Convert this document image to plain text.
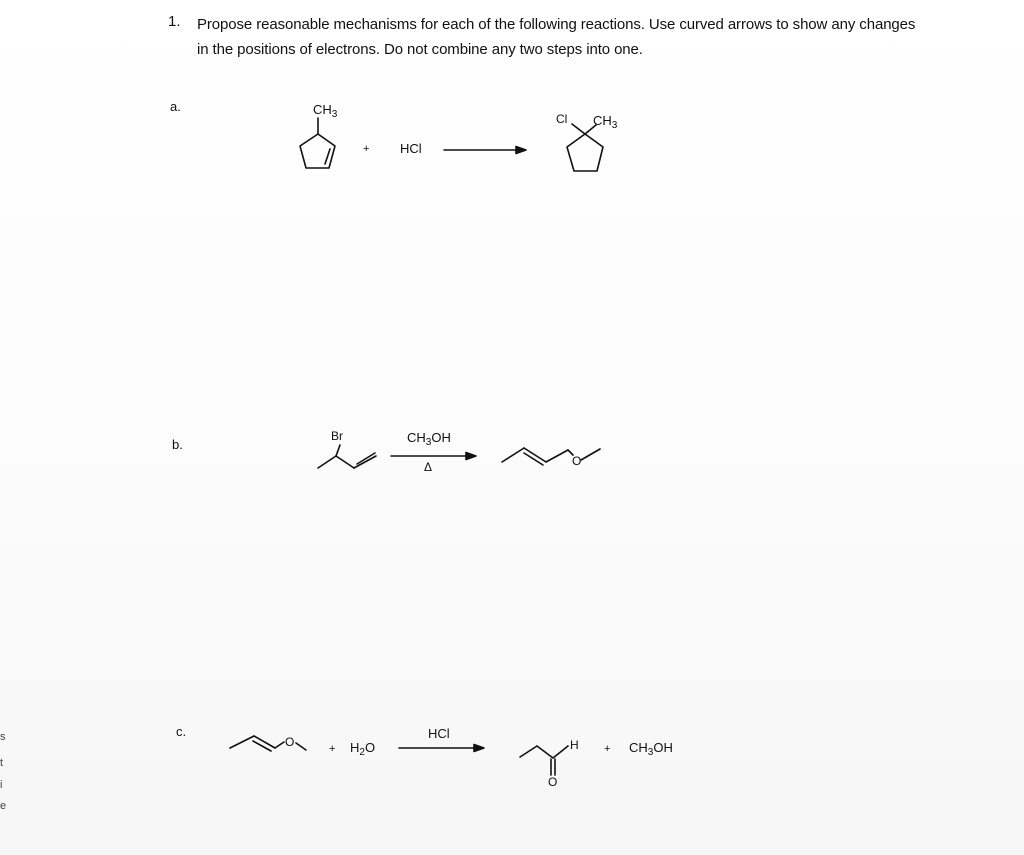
1. Propose reasonable mechanisms for each of the following reactions. Use curved arrows to show any changes in the positions of electrons. Do not combine any two steps into one.
a.	$CH_3$
+ HCl
Cl $CH_3$
b.
Br	$CH_3OH$
Δ	O
c.
O	+ $H_2O$
HCl
H
O
+ $CH_3OH$
s
t
i
e
